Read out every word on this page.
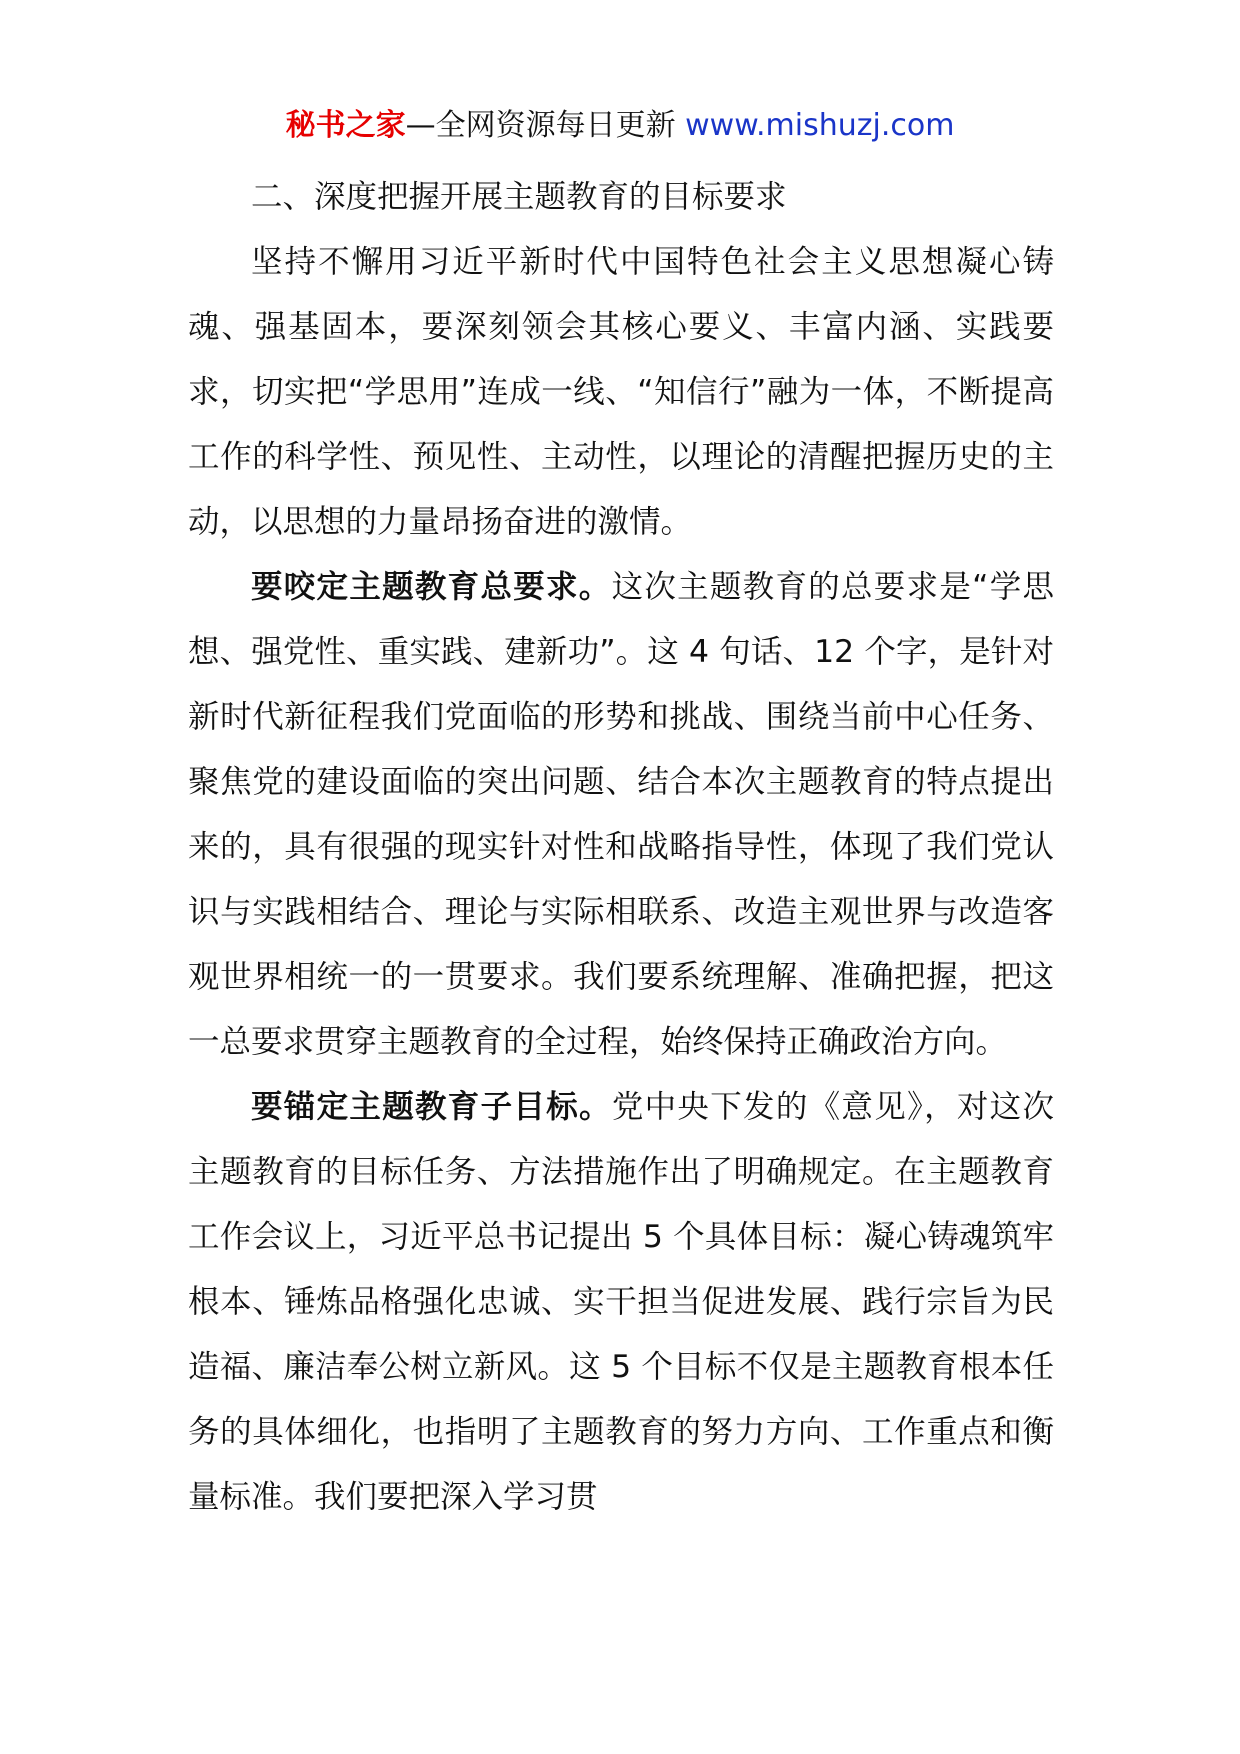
秘书之家—全网资源每日更新 www.mishuzj.com

二、深度把握开展主题教育的目标要求

坚持不懈用习近平新时代中国特色社会主义思想凝心铸魂、强基固本，要深刻领会其核心要义、丰富内涵、实践要求，切实把“学思用”连成一线、“知信行”融为一体，不断提高工作的科学性、预见性、主动性，以理论的清醒把握历史的主动，以思想的力量昂扬奋进的激情。

要咬定主题教育总要求。这次主题教育的总要求是“学思想、强党性、重实践、建新功”。这 4 句话、12 个字，是针对新时代新征程我们党面临的形势和挑战、围绕当前中心任务、聚焦党的建设面临的突出问题、结合本次主题教育的特点提出来的，具有很强的现实针对性和战略指导性，体现了我们党认识与实践相结合、理论与实际相联系、改造主观世界与改造客观世界相统一的一贯要求。我们要系统理解、准确把握，把这一总要求贯穿主题教育的全过程，始终保持正确政治方向。

要锚定主题教育子目标。党中央下发的《意见》，对这次主题教育的目标任务、方法措施作出了明确规定。在主题教育工作会议上，习近平总书记提出 5 个具体目标：凝心铸魂筑牢根本、锤炼品格强化忠诚、实干担当促进发展、践行宗旨为民造福、廉洁奉公树立新风。这 5 个目标不仅是主题教育根本任务的具体细化，也指明了主题教育的努力方向、工作重点和衡量标准。我们要把深入学习贯
